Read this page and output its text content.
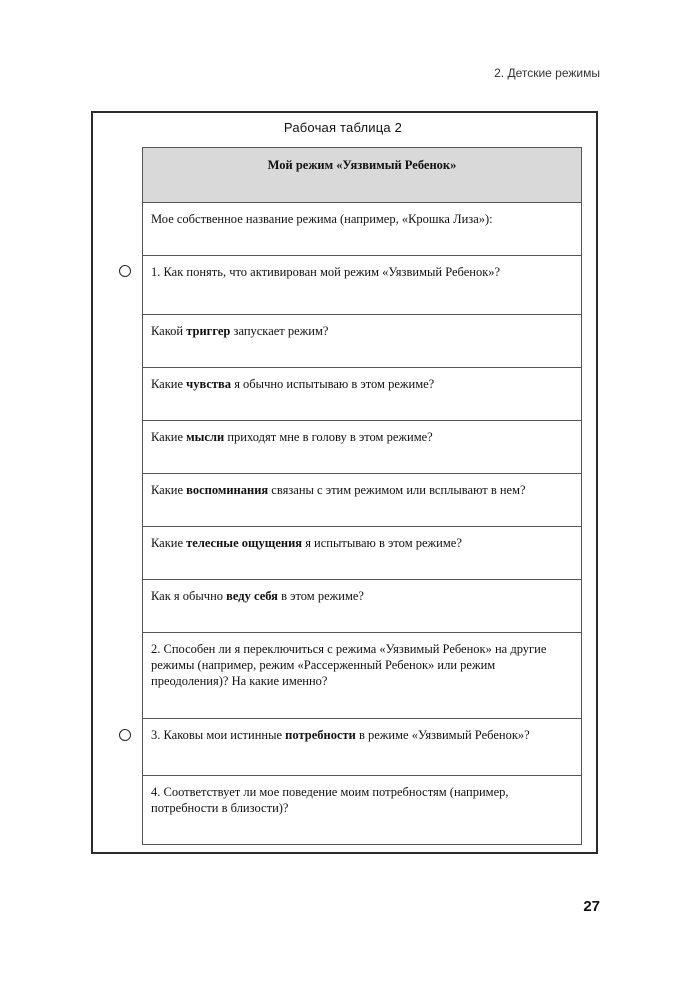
2. Детские режимы
Рабочая таблица 2
Мой режим «Уязвимый Ребенок»
Мое собственное название режима (например, «Крошка Лиза»):
1. Как понять, что активирован мой режим «Уязвимый Ребенок»?
Какой триггер запускает режим?
Какие чувства я обычно испытываю в этом режиме?
Какие мысли приходят мне в голову в этом режиме?
Какие воспоминания связаны с этим режимом или всплывают в нем?
Какие телесные ощущения я испытываю в этом режиме?
Как я обычно веду себя в этом режиме?
2. Способен ли я переключиться с режима «Уязвимый Ребенок» на другие режимы (например, режим «Рассерженный Ребенок» или режим преодоления)? На какие именно?
3. Каковы мои истинные потребности в режиме «Уязвимый Ребенок»?
4. Соответствует ли мое поведение моим потребностям (например, потребности в близости)?
27
